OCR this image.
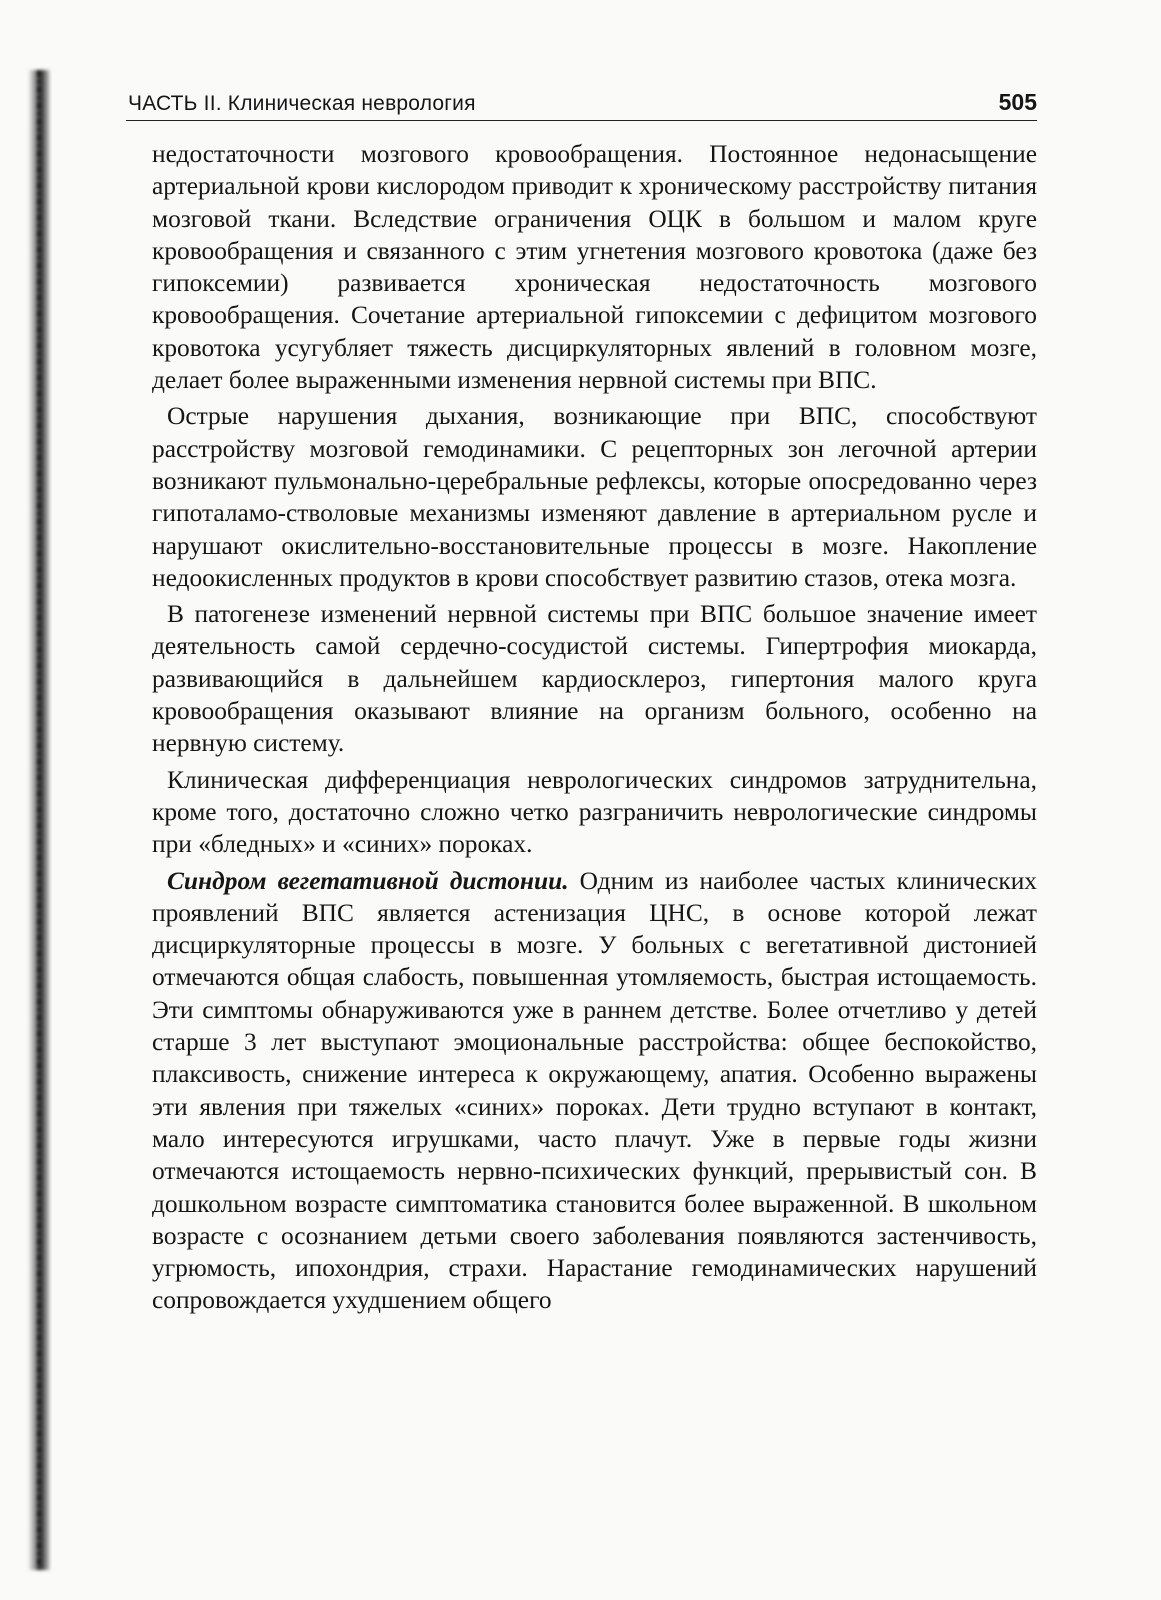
ЧАСТЬ II. Клиническая неврология	505

недостаточности мозгового кровообращения. Постоянное недонасыщение артериальной крови кислородом приводит к хроническому расстройству питания мозговой ткани. Вследствие ограничения ОЦК в большом и малом круге кровообращения и связанного с этим угнетения мозгового кровотока (даже без гипоксемии) развивается хроническая недостаточность мозгового кровообращения. Сочетание артериальной гипоксемии с дефицитом мозгового кровотока усугубляет тяжесть дисциркуляторных явлений в головном мозге, делает более выраженными изменения нервной системы при ВПС.

Острые нарушения дыхания, возникающие при ВПС, способствуют расстройству мозговой гемодинамики. С рецепторных зон легочной артерии возникают пульмонально-церебральные рефлексы, которые опосредованно через гипоталамо-стволовые механизмы изменяют давление в артериальном русле и нарушают окислительно-восстановительные процессы в мозге. Накопление недоокисленных продуктов в крови способствует развитию стазов, отека мозга.

В патогенезе изменений нервной системы при ВПС большое значение имеет деятельность самой сердечно-сосудистой системы. Гипертрофия миокарда, развивающийся в дальнейшем кардиосклероз, гипертония малого круга кровообращения оказывают влияние на организм больного, особенно на нервную систему.

Клиническая дифференциация неврологических синдромов затруднительна, кроме того, достаточно сложно четко разграничить неврологические синдромы при «бледных» и «синих» пороках.

Синдром вегетативной дистонии. Одним из наиболее частых клинических проявлений ВПС является астенизация ЦНС, в основе которой лежат дисциркуляторные процессы в мозге. У больных с вегетативной дистонией отмечаются общая слабость, повышенная утомляемость, быстрая истощаемость. Эти симптомы обнаруживаются уже в раннем детстве. Более отчетливо у детей старше 3 лет выступают эмоциональные расстройства: общее беспокойство, плаксивость, снижение интереса к окружающему, апатия. Особенно выражены эти явления при тяжелых «синих» пороках. Дети трудно вступают в контакт, мало интересуются игрушками, часто плачут. Уже в первые годы жизни отмечаются истощаемость нервно-психических функций, прерывистый сон. В дошкольном возрасте симптоматика становится более выраженной. В школьном возрасте с осознанием детьми своего заболевания появляются застенчивость, угрюмость, ипохондрия, страхи. Нарастание гемодинамических нарушений сопровождается ухудшением общего
